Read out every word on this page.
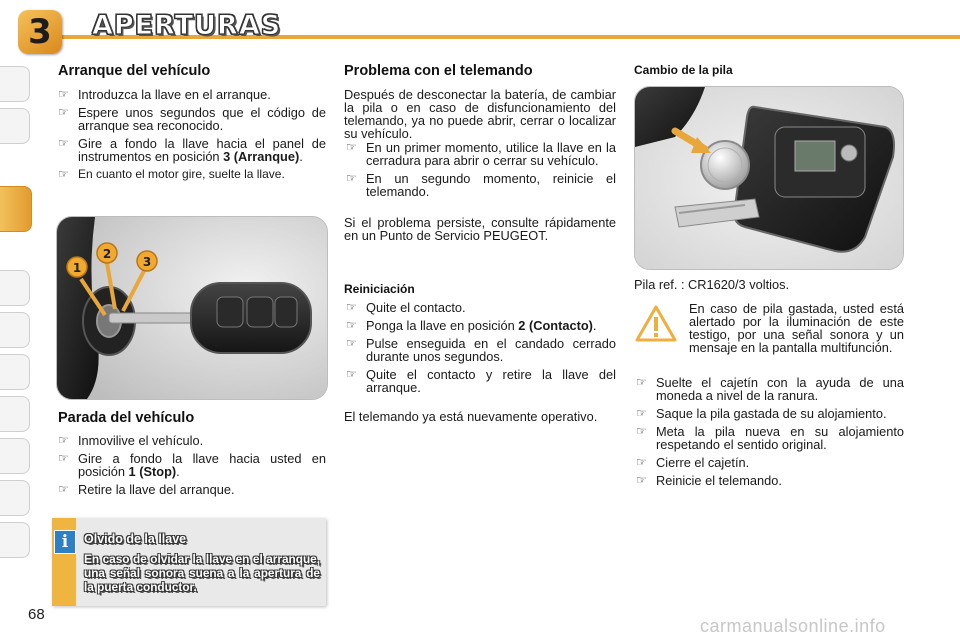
3	APERTURAS
Arranque del vehículo
☞ Introduzca la llave en el arranque.
☞ Espere unos segundos que el código de arranque sea reconocido.
☞ Gire a fondo la llave hacia el panel de instrumentos en posición 3 (Arranque).
☞ En cuanto el motor gire, suelte la llave.
1
2
3
Parada del vehículo
☞ Inmovilive el vehículo.
☞ Gire a fondo la llave hacia usted en posición 1 (Stop).
☞ Retire la llave del arranque.
i	Olvido de la llave
En caso de olvidar la llave en el arranque, una señal sonora suena a la apertura de la puerta conductor.
Problema con el telemando
Después de desconectar la batería, de cambiar la pila o en caso de disfuncionamiento del telemando, ya no puede abrir, cerrar o localizar su vehículo.
☞ En un primer momento, utilice la llave en la cerradura para abrir o cerrar su vehículo.
☞ En un segundo momento, reinicie el telemando.
Si el problema persiste, consulte rápidamente en un Punto de Servicio PEUGEOT.
Reiniciación
☞ Quite el contacto.
☞ Ponga la llave en posición 2 (Contacto).
☞ Pulse enseguida en el candado cerrado durante unos segundos.
☞ Quite el contacto y retire la llave del arranque.
El telemando ya está nuevamente operativo.
Cambio de la pila
Pila ref. : CR1620/3 voltios.
En caso de pila gastada, usted está alertado por la iluminación de este testigo, por una señal sonora y un mensaje en la pantalla multifunción.
☞ Suelte el cajetín con la ayuda de una moneda a nivel de la ranura.
☞ Saque la pila gastada de su alojamiento.
☞ Meta la pila nueva en su alojamiento respetando el sentido original.
☞ Cierre el cajetín.
☞ Reinicie el telemando.
68
carmanualsonline.info
